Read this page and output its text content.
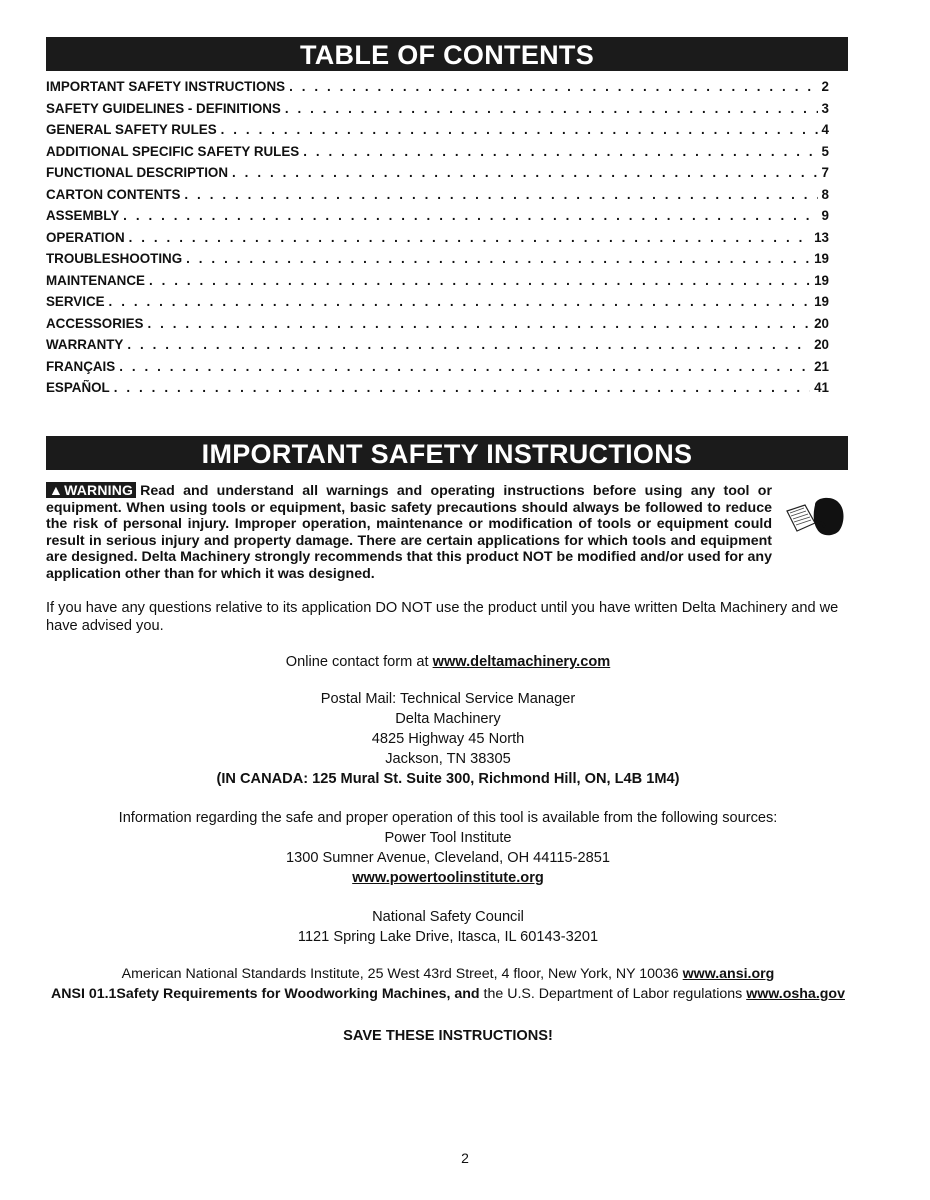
TABLE OF CONTENTS
IMPORTANT SAFETY INSTRUCTIONS . . .	2
SAFETY GUIDELINES - DEFINITIONS . . .	3
GENERAL SAFETY RULES . . .	4
ADDITIONAL SPECIFIC SAFETY RULES . . .	5
FUNCTIONAL DESCRIPTION . . .	7
CARTON CONTENTS . . .	8
ASSEMBLY . . .	9
OPERATION . . .	13
TROUBLESHOOTING . . .	19
MAINTENANCE . . .	19
SERVICE . . .	19
ACCESSORIES . . .	20
WARRANTY . . .	20
FRANÇAIS . . .	21
ESPAÑOL . . .	41
IMPORTANT SAFETY INSTRUCTIONS
▲WARNING Read and understand all warnings and operating instructions before using any tool or equipment. When using tools or equipment, basic safety precautions should always be followed to reduce the risk of personal injury. Improper operation, maintenance or modification of tools or equipment could result in serious injury and property damage. There are certain applications for which tools and equipment are designed. Delta Machinery strongly recommends that this product NOT be modified and/or used for any application other than for which it was designed.
If you have any questions relative to its application DO NOT use the product until you have written Delta Machinery and we have advised you.
Online contact form at www.deltamachinery.com
Postal Mail: Technical Service Manager
Delta Machinery
4825 Highway 45 North
Jackson, TN 38305
(IN CANADA: 125 Mural St. Suite 300, Richmond Hill, ON, L4B 1M4)
Information regarding the safe and proper operation of this tool is available from the following sources:
Power Tool Institute
1300 Sumner Avenue, Cleveland, OH 44115-2851
www.powertoolinstitute.org
National Safety Council
1121 Spring Lake Drive, Itasca, IL 60143-3201
American National Standards Institute, 25 West 43rd Street, 4 floor, New York, NY 10036 www.ansi.org
ANSI 01.1Safety Requirements for Woodworking Machines, and the U.S. Department of Labor regulations www.osha.gov
SAVE THESE INSTRUCTIONS!
2
